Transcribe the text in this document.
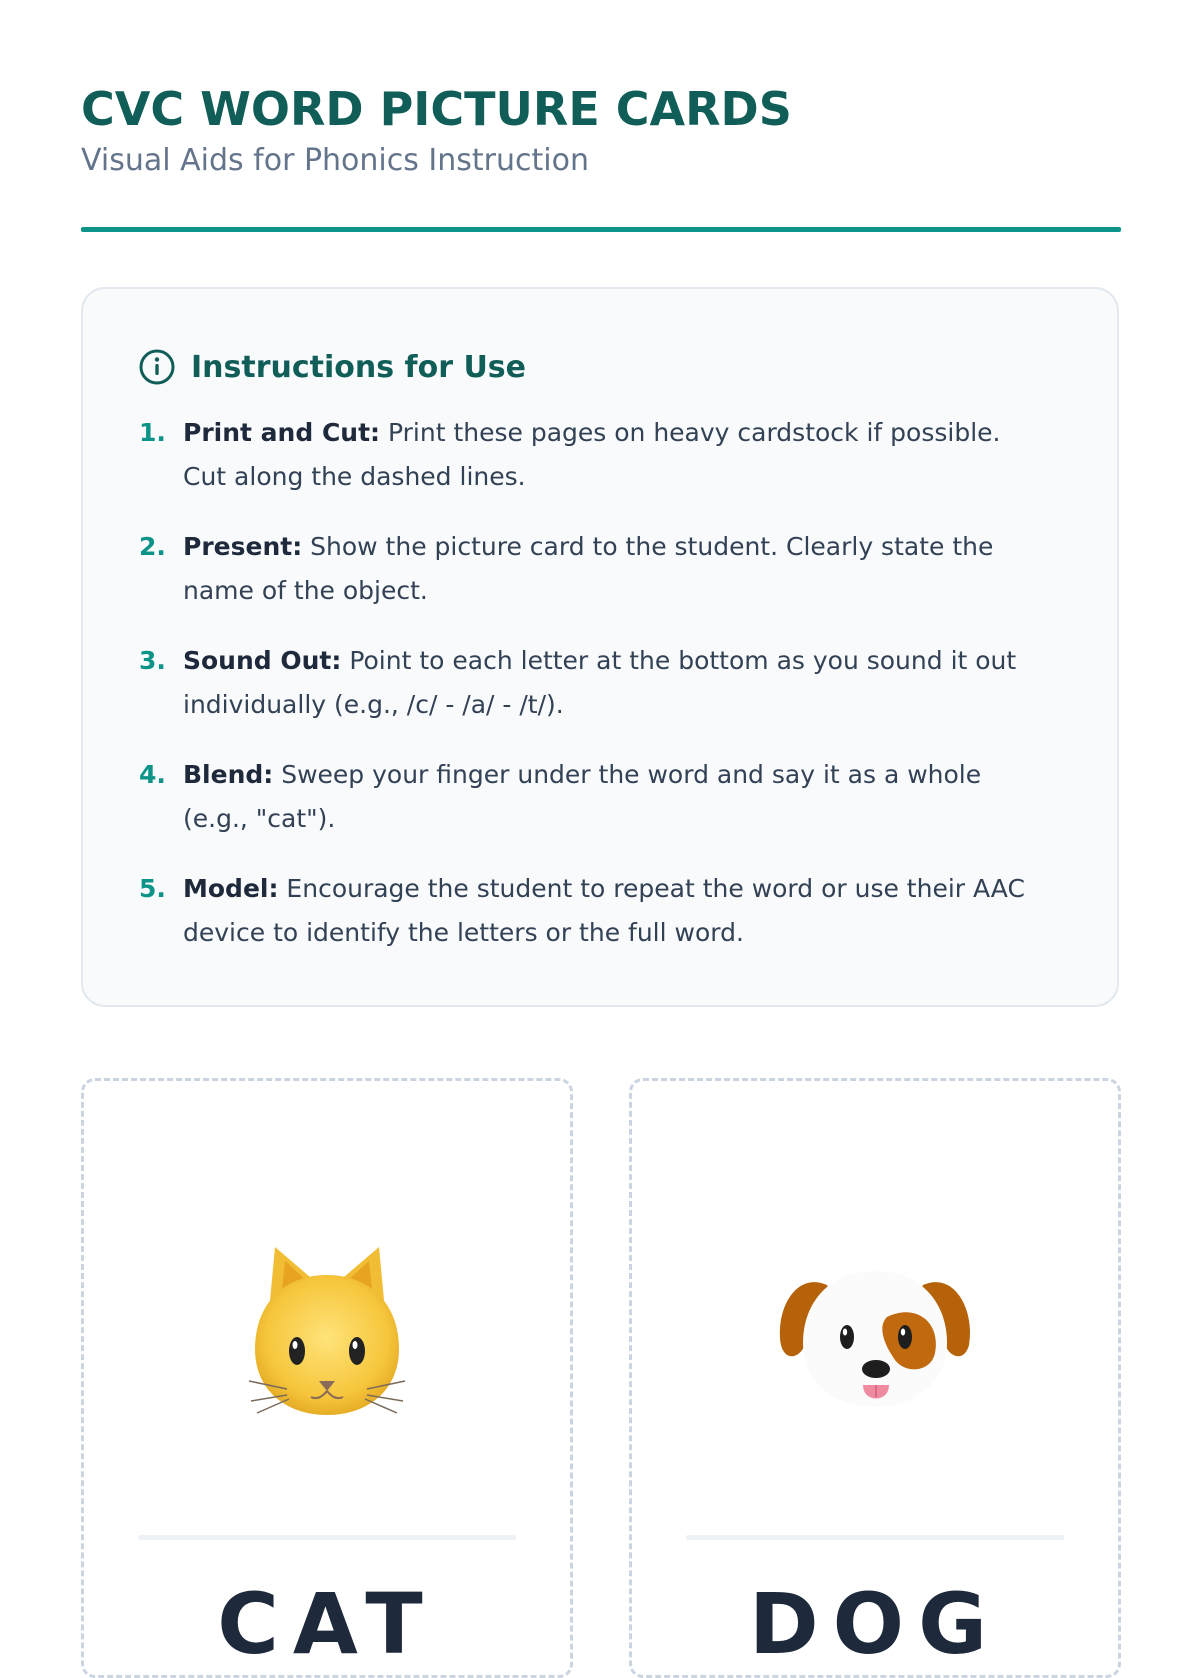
CVC WORD PICTURE CARDS
Visual Aids for Phonics Instruction
Instructions for Use
1. Print and Cut: Print these pages on heavy cardstock if possible. Cut along the dashed lines.
2. Present: Show the picture card to the student. Clearly state the name of the object.
3. Sound Out: Point to each letter at the bottom as you sound it out individually (e.g., /c/ - /a/ - /t/).
4. Blend: Sweep your finger under the word and say it as a whole (e.g., "cat").
5. Model: Encourage the student to repeat the word or use their AAC device to identify the letters or the full word.
CAT	DOG
